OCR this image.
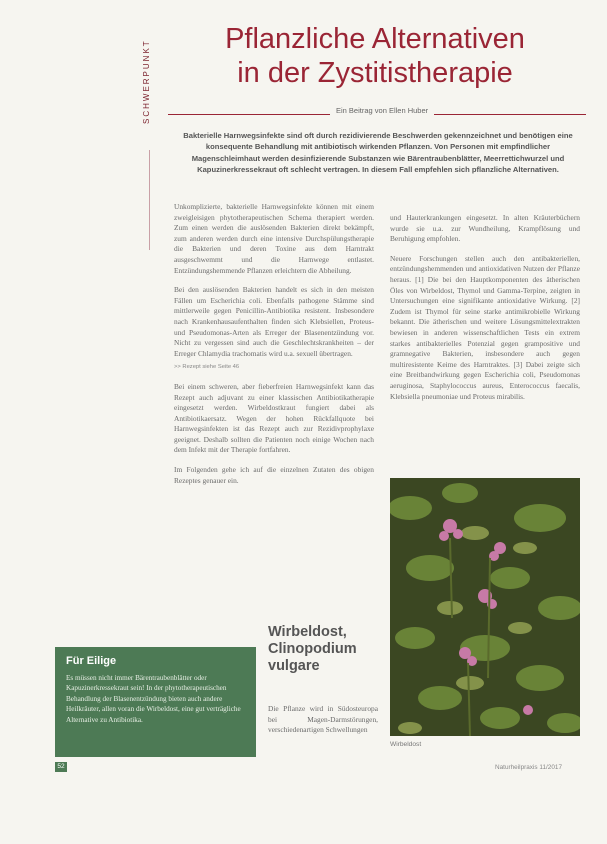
SCHWERPUNKT
Pflanzliche Alternativen
in der Zystitistherapie
Ein Beitrag von Ellen Huber
Bakterielle Harnwegsinfekte sind oft durch rezidivierende Beschwerden gekennzeichnet und benötigen eine konsequente Behandlung mit antibiotisch wirkenden Pflanzen. Von Personen mit empfindlicher Magenschleimhaut werden desinfizierende Substanzen wie Bärentraubenblätter, Meerrettichwurzel und Kapuzinerkressekraut oft schlecht vertragen. In diesem Fall empfehlen sich pflanzliche Alternativen.

Unkomplizierte, bakterielle Harnwegsinfekte können mit einem zweigleisigen phytotherapeutischen Schema therapiert werden. Zum einen werden die auslösenden Bakterien direkt bekämpft, zum anderen werden durch eine intensive Durchspülungstherapie die Bakterien und deren Toxine aus dem Harntrakt ausgeschwemmt und die Harnwege entlastet. Entzündungshemmende Pflanzen erleichtern die Abheilung.

Bei den auslösenden Bakterien handelt es sich in den meisten Fällen um Escherichia coli. Ebenfalls pathogene Stämme sind mittlerweile gegen Penicillin-Antibiotika resistent. Insbesondere nach Krankenhausaufenthalten finden sich Klebsiellen, Proteus- und Pseudomonas-Arten als Erreger der Blasenentzündung vor. Nicht zu vergessen sind auch die Geschlechtskrankheiten – der Erreger Chlamydia trachomatis wird u.a. sexuell übertragen.

>> Rezept siehe Seite 46

Bei einem schweren, aber fieberfreien Harnwegsinfekt kann das Rezept auch adjuvant zu einer klassischen Antibiotikatherapie eingesetzt werden. Wirbeldostkraut fungiert dabei als Antibiotikaersatz. Wegen der hohen Rückfallquote bei Harnwegsinfekten ist das Rezept auch zur Rezidivprophylaxe geeignet. Deshalb sollten die Patienten noch einige Wochen nach dem Infekt mit der Therapie fortfahren.

Im Folgenden gehe ich auf die einzelnen Zutaten des obigen Rezeptes genauer ein.

und Hauterkrankungen eingesetzt. In alten Kräuterbüchern wurde sie u.a. zur Wundheilung, Krampflösung und Beruhigung empfohlen.

Neuere Forschungen stellen auch den antibakteriellen, entzündungshemmenden und antioxidativen Nutzen der Pflanze heraus. [1] Die bei den Hauptkomponenten des ätherischen Öles von Wirbeldost, Thymol und Gamma-Terpine, zeigten in Untersuchungen eine signifikante antioxidative Wirkung. [2] Zudem ist Thymol für seine starke antimikrobielle Wirkung bekannt. Die ätherischen und weitere Lösungsmittelextrakten bewiesen in anderen wissenschaftlichen Tests ein extrem starkes antibakterielles Potenzial gegen grampositive und gramnegative Bakterien, insbesondere auch gegen multiresistente Keime des Harntraktes. [3] Dabei zeigte sich eine Breitbandwirkung gegen Escherichia coli, Pseudomonas aeruginosa, Staphylococcus aureus, Enterococcus faecalis, Klebsiella pneumoniae und Proteus mirabilis.

Wirbeldost
Wirbeldost,
Clinopodium
vulgare
Die Pflanze wird in Südosteuropa bei Magen-Darmstörungen, verschiedenartigen Schwellungen
Für Eilige
Es müssen nicht immer Bärentraubenblätter oder Kapuzinerkressekraut sein! In der phytotherapeutischen Behandlung der Blasenentzündung bieten auch andere Heilkräuter, allen voran die Wirbeldost, eine gut verträgliche Alternative zu Antibiotika.
52	Naturheilpraxis 11/2017
